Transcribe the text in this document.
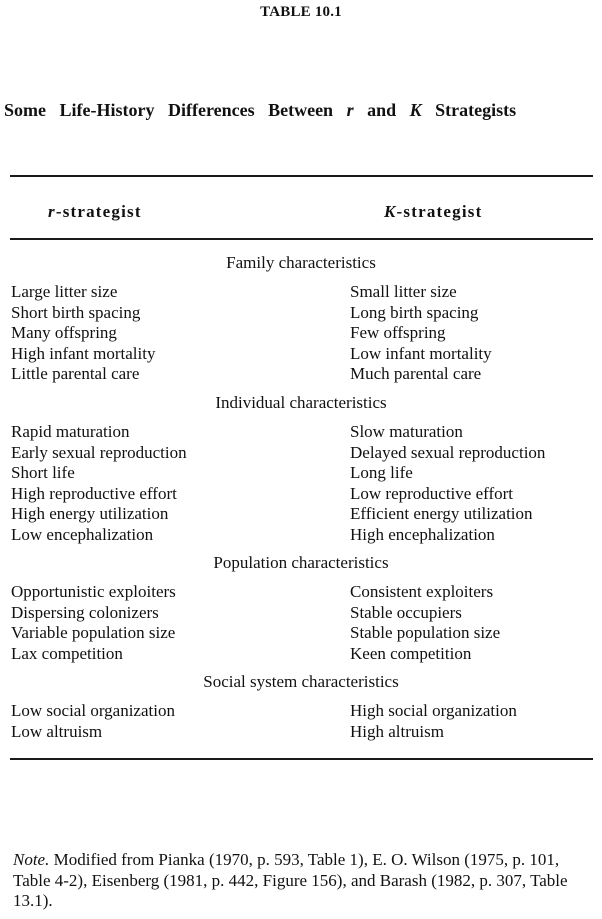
TABLE 10.1
Some Life-History Differences Between r and K Strategists
r-strategist	K-strategist
Family characteristics
Large litter size	Small litter size
Short birth spacing	Long birth spacing
Many offspring	Few offspring
High infant mortality	Low infant mortality
Little parental care	Much parental care
Individual characteristics
Rapid maturation	Slow maturation
Early sexual reproduction	Delayed sexual reproduction
Short life	Long life
High reproductive effort	Low reproductive effort
High energy utilization	Efficient energy utilization
Low encephalization	High encephalization
Population characteristics
Opportunistic exploiters	Consistent exploiters
Dispersing colonizers	Stable occupiers
Variable population size	Stable population size
Lax competition	Keen competition
Social system characteristics
Low social organization	High social organization
Low altruism	High altruism
Note. Modified from Pianka (1970, p. 593, Table 1), E. O. Wilson (1975, p. 101, Table 4-2), Eisenberg (1981, p. 442, Figure 156), and Barash (1982, p. 307, Table 13.1).
